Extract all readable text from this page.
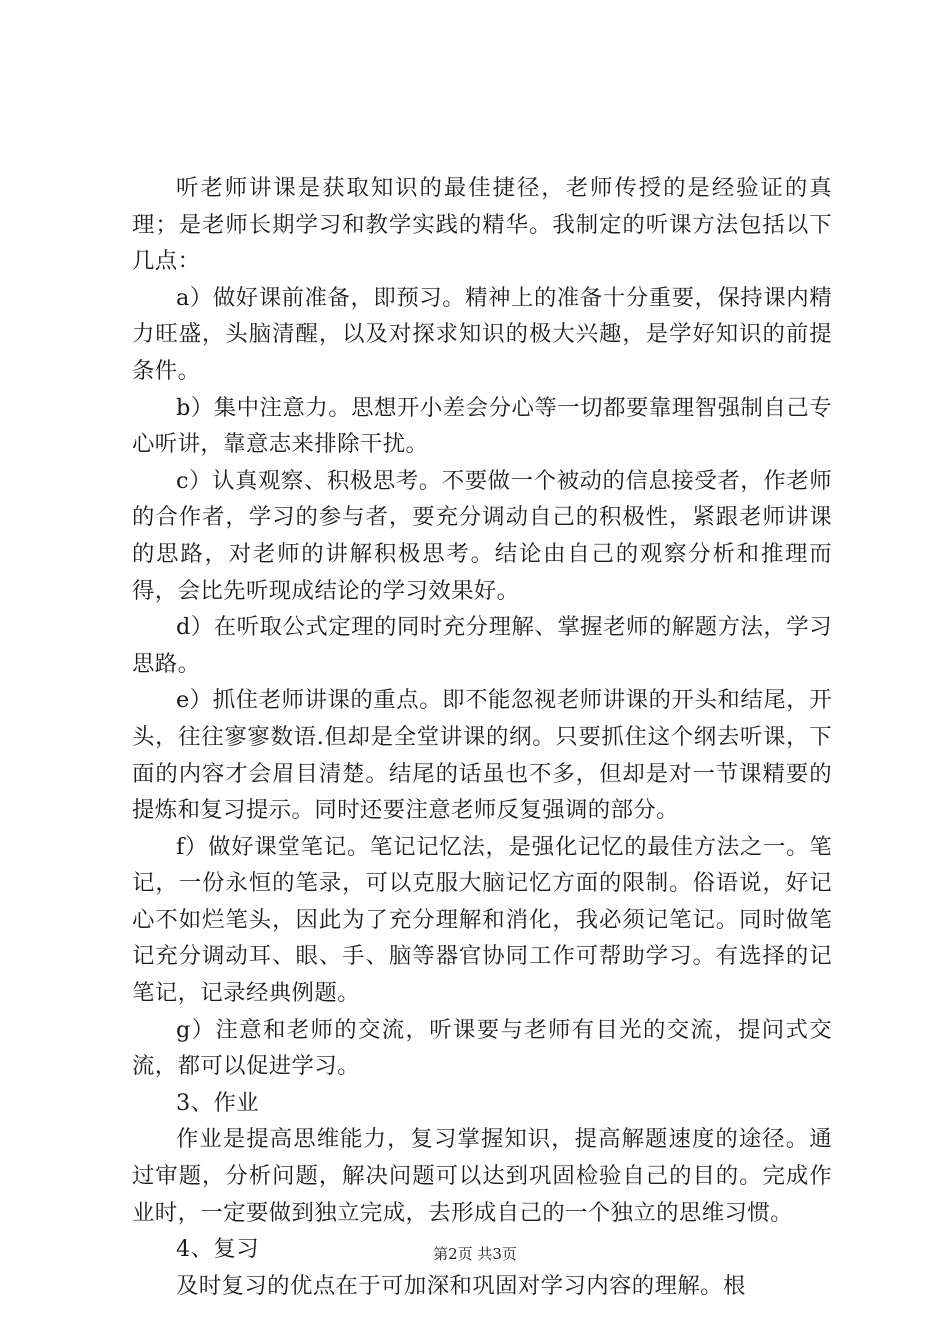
听老师讲课是获取知识的最佳捷径，老师传授的是经验证的真理；是老师长期学习和教学实践的精华。我制定的听课方法包括以下几点：

a）做好课前准备，即预习。精神上的准备十分重要，保持课内精力旺盛，头脑清醒，以及对探求知识的极大兴趣，是学好知识的前提条件。

b）集中注意力。思想开小差会分心等一切都要靠理智强制自己专心听讲，靠意志来排除干扰。

c）认真观察、积极思考。不要做一个被动的信息接受者，作老师的合作者，学习的参与者，要充分调动自己的积极性，紧跟老师讲课的思路，对老师的讲解积极思考。结论由自己的观察分析和推理而得，会比先听现成结论的学习效果好。

d）在听取公式定理的同时充分理解、掌握老师的解题方法，学习思路。

e）抓住老师讲课的重点。即不能忽视老师讲课的开头和结尾，开头，往往寥寥数语.但却是全堂讲课的纲。只要抓住这个纲去听课，下面的内容才会眉目清楚。结尾的话虽也不多，但却是对一节课精要的提炼和复习提示。同时还要注意老师反复强调的部分。

f）做好课堂笔记。笔记记忆法，是强化记忆的最佳方法之一。笔记，一份永恒的笔录，可以克服大脑记忆方面的限制。俗语说，好记心不如烂笔头，因此为了充分理解和消化，我必须记笔记。同时做笔记充分调动耳、眼、手、脑等器官协同工作可帮助学习。有选择的记笔记，记录经典例题。

g）注意和老师的交流，听课要与老师有目光的交流，提问式交流，都可以促进学习。

3、作业

作业是提高思维能力，复习掌握知识，提高解题速度的途径。通过审题，分析问题，解决问题可以达到巩固检验自己的目的。完成作业时，一定要做到独立完成，去形成自己的一个独立的思维习惯。

4、复习

及时复习的优点在于可加深和巩固对学习内容的理解。根

第2页 共3页
